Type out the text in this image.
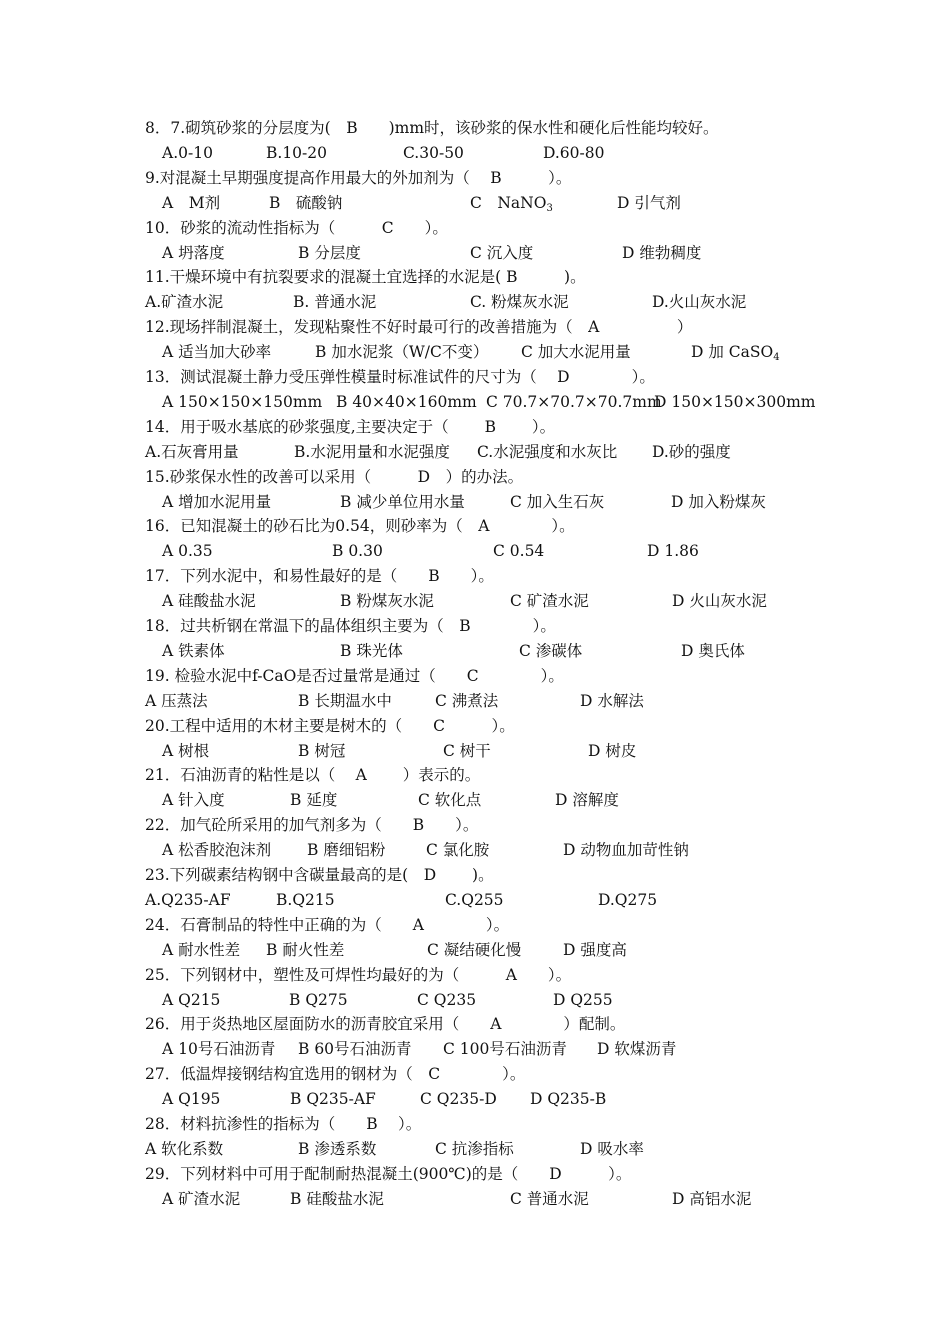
8．7.砌筑砂浆的分层度为(　B　　)mm时，该砂浆的保水性和硬化后性能均较好。
A.0-10	B.10-20	C.30-50	D.60-80
9.对混凝土早期强度提高作用最大的外加剂为（　 B　　　）。
A　M剂	B　硫酸钠	C　NaNO$_3$	D 引气剂
10．砂浆的流动性指标为（　　　C　　）。
A 坍落度	B 分层度	C 沉入度	D 维勃稠度
11.干燥环境中有抗裂要求的混凝土宜选择的水泥是( B　　　)。
A.矿渣水泥	B. 普通水泥	C. 粉煤灰水泥	D.火山灰水泥
12.现场拌制混凝土，发现粘聚性不好时最可行的改善措施为（　A　　　　　）
A 适当加大砂率	B 加水泥浆（W/C不变） C 加大水泥用量	D 加 CaSO$_4$
13．测试混凝土静力受压弹性模量时标准试件的尺寸为（　 D　　　　）。
A 150×150×150mm B 40×40×160mm C 70.7×70.7×70.7mm
D 150×150×300mm
14．用于吸水基底的砂浆强度,主要决定于（　　 B　　 ）。
A.石灰膏用量	B.水泥用量和水泥强度 C.水泥强度和水灰比 D.砂的强度
15.砂浆保水性的改善可以采用（　　　D　）的办法。
A 增加水泥用量	B 减少单位用水量	C 加入生石灰	D 加入粉煤灰
16．已知混凝土的砂石比为0.54，则砂率为（　A　　　　）。
A 0.35	B 0.30	C 0.54	D 1.86
17．下列水泥中，和易性最好的是（　　B　　）。
A 硅酸盐水泥	B 粉煤灰水泥	C 矿渣水泥	D 火山灰水泥
18．过共析钢在常温下的晶体组织主要为（　B　　　　）。
A 铁素体	B 珠光体	C 渗碳体	D 奥氏体
19. 检验水泥中f-CaO是否过量常是通过（　　C　　　　）。
A 压蒸法	B 长期温水中	C 沸煮法	D 水解法
20.工程中适用的木材主要是树木的（　　C　　　）。
A 树根	B 树冠	C 树干	D 树皮
21．石油沥青的粘性是以（　 A　　 ）表示的。
A 针入度	B 延度	C 软化点	D 溶解度
22．加气砼所采用的加气剂多为（　　B　　）。
A 松香胶泡沫剂 B 磨细铝粉	C 氯化胺	D 动物血加苛性钠
23.下列碳素结构钢中含碳量最高的是(　D　　 )。
A.Q235-AF	B.Q215	C.Q255	D.Q275
24．石膏制品的特性中正确的为（　　A　　　　）。
A 耐水性差 B 耐火性差	C 凝结硬化慢	D 强度高
25．下列钢材中，塑性及可焊性均最好的为（　　　A　　）。
A Q215	B Q275	C Q235	D Q255
26．用于炎热地区屋面防水的沥青胶宜采用（　　A　　　　）配制。
A 10号石油沥青 B 60号石油沥青 C 100号石油沥青 D 软煤沥青
27．低温焊接钢结构宜选用的钢材为（　C　　　　）。
A Q195	B Q235-AF	C Q235-D D Q235-B
28．材料抗渗性的指标为（　　B　 ）。
A 软化系数	B 渗透系数	C 抗渗指标	D 吸水率
29．下列材料中可用于配制耐热混凝土(900℃)的是（　　D　　　）。
A 矿渣水泥	B 硅酸盐水泥	C 普通水泥	D 高铝水泥
